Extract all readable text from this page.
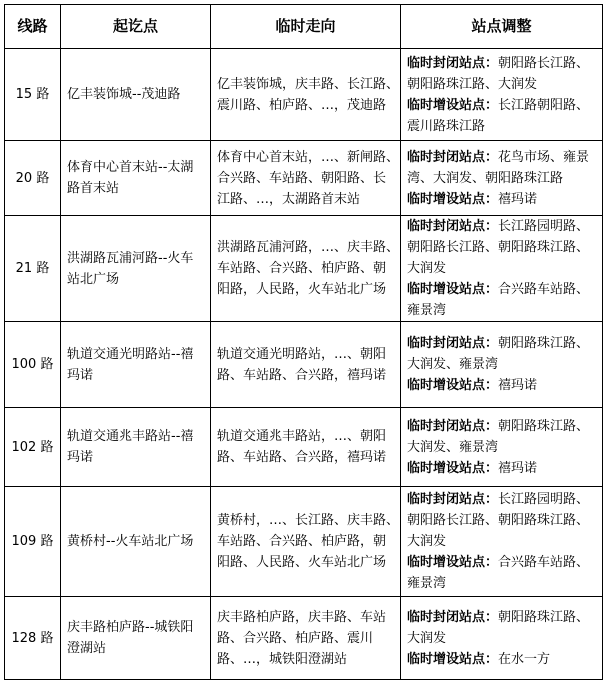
线路	起讫点	临时走向	站点调整
15 路	亿丰装饰城--茂迪路	亿丰装饰城，庆丰路、长江路、
震川路、柏庐路、…，茂迪路	临时封闭站点：朝阳路长江路、
朝阳路珠江路、大润发
临时增设站点：长江路朝阳路、
震川路珠江路

20 路	体育中心首末站--太湖
路首末站	体育中心首末站，…、新闸路、
合兴路、车站路、朝阳路、长
江路、…，太湖路首末站	临时封闭站点：花鸟市场、雍景
湾、大润发、朝阳路珠江路
临时增设站点：禧玛诺

21 路	洪湖路瓦浦河路--火车
站北广场	洪湖路瓦浦河路，…、庆丰路、
车站路、合兴路、柏庐路、朝
阳路，人民路，火车站北广场	临时封闭站点：长江路园明路、
朝阳路长江路、朝阳路珠江路、
大润发
临时增设站点：合兴路车站路、
雍景湾

100 路	轨道交通光明路站--禧
玛诺	轨道交通光明路站，…、朝阳
路、车站路、合兴路，禧玛诺	临时封闭站点：朝阳路珠江路、
大润发、雍景湾
临时增设站点：禧玛诺

102 路	轨道交通兆丰路站--禧
玛诺	轨道交通兆丰路站，…、朝阳
路、车站路、合兴路，禧玛诺	临时封闭站点：朝阳路珠江路、
大润发、雍景湾
临时增设站点：禧玛诺

109 路	黄桥村--火车站北广场	黄桥村，…、长江路、庆丰路、
车站路、合兴路、柏庐路，朝
阳路、人民路、火车站北广场	临时封闭站点：长江路园明路、
朝阳路长江路、朝阳路珠江路、
大润发
临时增设站点：合兴路车站路、
雍景湾

128 路	庆丰路柏庐路--城铁阳
澄湖站	庆丰路柏庐路，庆丰路、车站
路、合兴路、柏庐路、震川
路、…，城铁阳澄湖站	临时封闭站点：朝阳路珠江路、
大润发
临时增设站点：在水一方
